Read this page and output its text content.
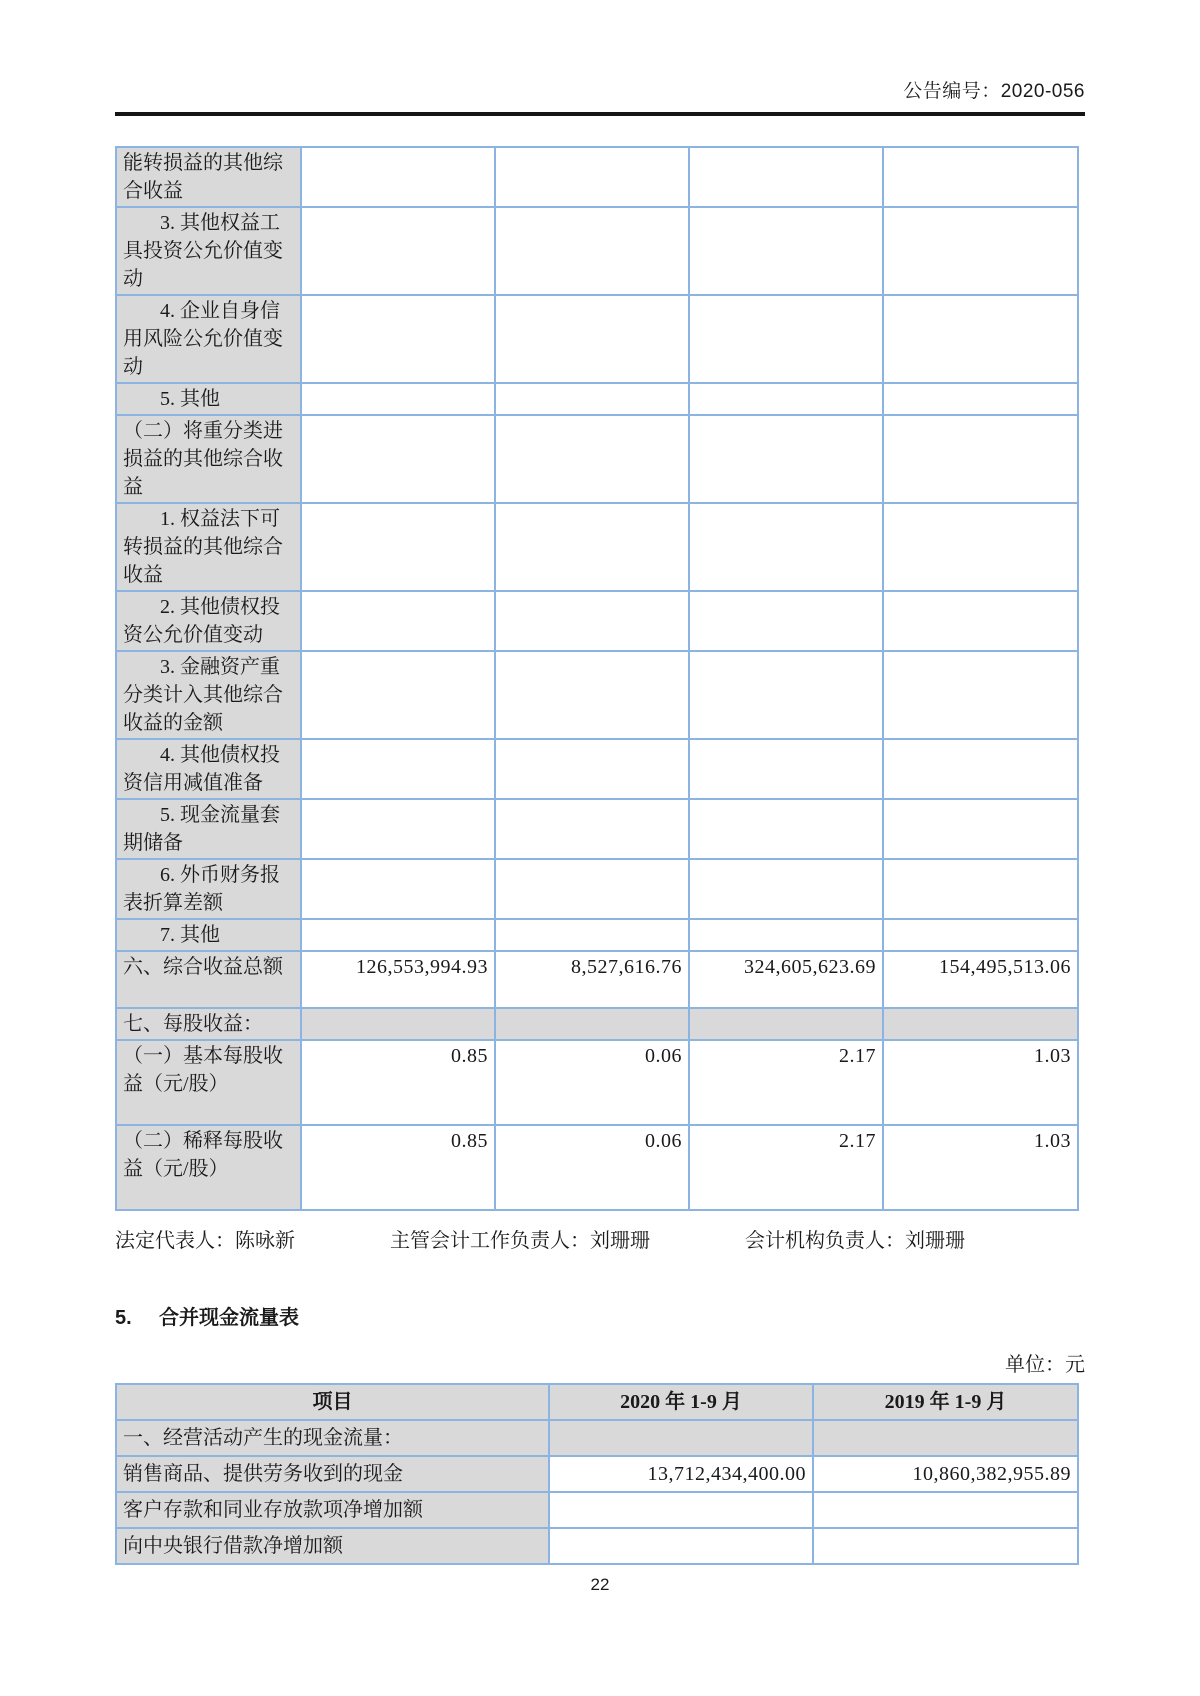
公告编号：2020-056
能转损益的其他综合收益				
3. 其他权益工具投资公允价值变动				
4. 企业自身信用风险公允价值变动				
5. 其他				
（二）将重分类进损益的其他综合收益				
1. 权益法下可转损益的其他综合收益				
2. 其他债权投资公允价值变动				
3. 金融资产重分类计入其他综合收益的金额				
4. 其他债权投资信用减值准备				
5. 现金流量套期储备				
6. 外币财务报表折算差额				
7. 其他				
六、综合收益总额	126,553,994.93	8,527,616.76	324,605,623.69	154,495,513.06
七、每股收益：				
（一）基本每股收益（元/股）	0.85	0.06	2.17	1.03
（二）稀释每股收益（元/股）	0.85	0.06	2.17	1.03
法定代表人：陈咏新	主管会计工作负责人：刘珊珊	会计机构负责人：刘珊珊
5. 合并现金流量表
单位：元
项目	2020 年 1-9 月	2019 年 1-9 月
一、经营活动产生的现金流量：		
销售商品、提供劳务收到的现金	13,712,434,400.00	10,860,382,955.89
客户存款和同业存放款项净增加额		
向中央银行借款净增加额		
22
